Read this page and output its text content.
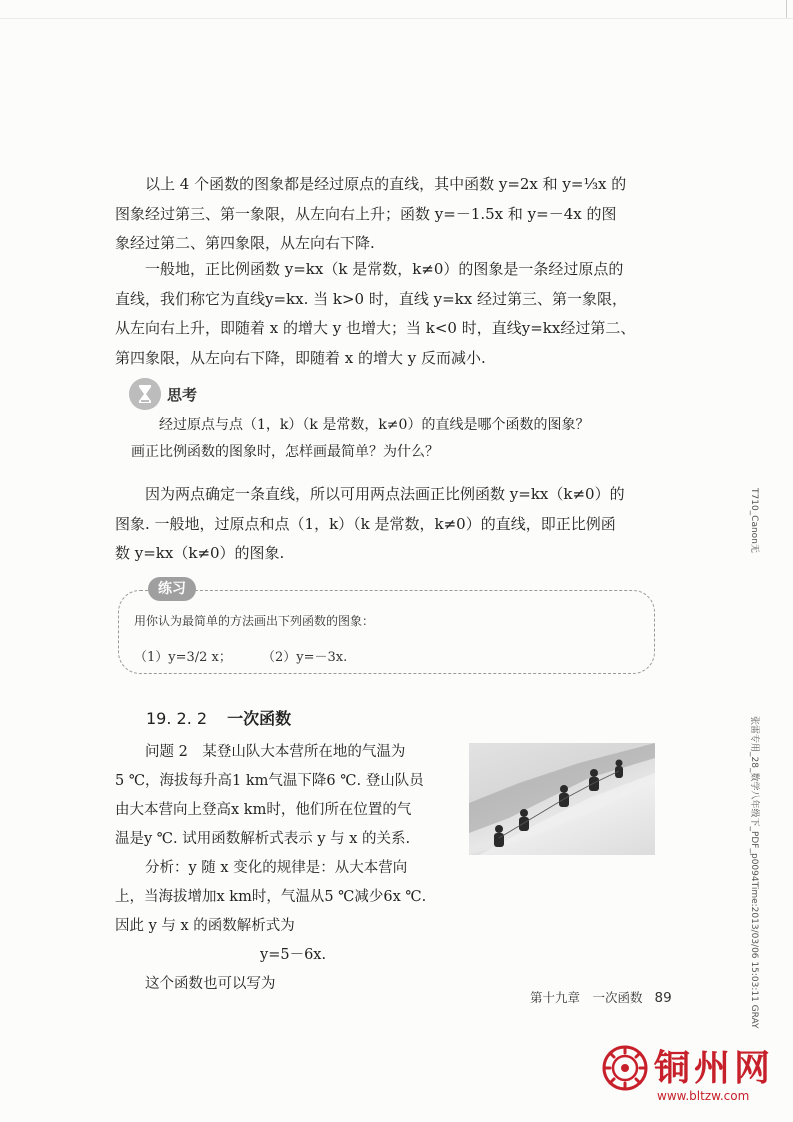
以上 4 个函数的图象都是经过原点的直线，其中函数 y=2x 和 y=⅓x 的
图象经过第三、第一象限，从左向右上升；函数 y=－1.5x 和 y=－4x 的图
象经过第二、第四象限，从左向右下降.
一般地，正比例函数 y=kx（k 是常数，k≠0）的图象是一条经过原点的
直线，我们称它为直线y=kx. 当 k>0 时，直线 y=kx 经过第三、第一象限，
从左向右上升，即随着 x 的增大 y 也增大；当 k<0 时，直线y=kx经过第二、
第四象限，从左向右下降，即随着 x 的增大 y 反而减小.
思考
经过原点与点（1，k）（k 是常数，k≠0）的直线是哪个函数的图象？
画正比例函数的图象时，怎样画最简单？为什么？
因为两点确定一条直线，所以可用两点法画正比例函数 y=kx（k≠0）的
图象. 一般地，过原点和点（1，k）（k 是常数，k≠0）的直线，即正比例函
数 y=kx（k≠0）的图象.
练习
用你认为最简单的方法画出下列函数的图象：
（1）y=3/2 x； （2）y=－3x.
19. 2. 2 一次函数
问题 2　某登山队大本营所在地的气温为
5 ℃，海拔每升高1 km气温下降6 ℃. 登山队员
由大本营向上登高x km时，他们所在位置的气
温是y ℃. 试用函数解析式表示 y 与 x 的关系.
分析：y 随 x 变化的规律是：从大本营向
上，当海拔增加x km时，气温从5 ℃减少6x ℃.
因此 y 与 x 的函数解析式为
y=5－6x.
这个函数也可以写为
第十九章　一次函数 89
T710_Canon无
张雷专用_28_数学八年级下_PDF_p0094Time:2013/03/06 15:03:11 GRAY
铜州网
www.bltzw.com
